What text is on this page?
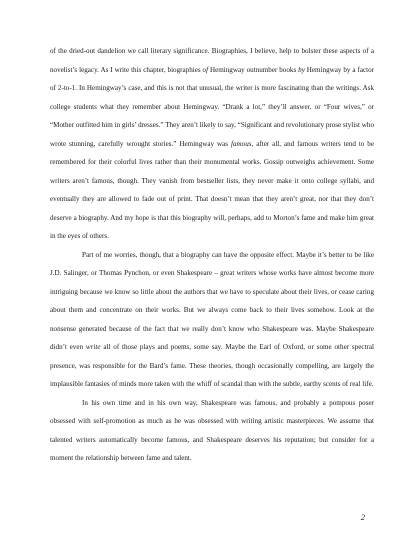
of the dried-out dandelion we call literary significance. Biographies, I believe, help to bolster these aspects of a novelist’s legacy. As I write this chapter, biographies of Hemingway outnumber books by Hemingway by a factor of 2-to-1. In Hemingway’s case, and this is not that unusual, the writer is more fascinating than the writings. Ask college students what they remember about Hemingway. “Drank a lot,” they’ll answer, or “Four wives,” or “Mother outfitted him in girls’ dresses.” They aren’t likely to say, “Significant and revolutionary prose stylist who wrote stunning, carefully wrought stories.” Hemingway was famous, after all, and famous writers tend to be remembered for their colorful lives rather than their monumental works. Gossip outweighs achievement. Some writers aren’t famous, though. They vanish from bestseller lists, they never make it onto college syllabi, and eventually they are allowed to fade out of print. That doesn’t mean that they aren’t great, nor that they don’t deserve a biography. And my hope is that this biography will, perhaps, add to Morton’s fame and make him great in the eyes of others.

Part of me worries, though, that a biography can have the opposite effect. Maybe it’s better to be like J.D. Salinger, or Thomas Pynchon, or even Shakespeare – great writers whose works have almost become more intriguing because we know so little about the authors that we have to speculate about their lives, or cease caring about them and concentrate on their works. But we always come back to their lives somehow. Look at the nonsense generated because of the fact that we really don’t know who Shakespeare was. Maybe Shakespeare didn’t even write all of those plays and poems, some say. Maybe the Earl of Oxford, or some other spectral presence, was responsible for the Bard’s fame. These theories, though occasionally compelling, are largely the implausible fantasies of minds more taken with the whiff of scandal than with the subtle, earthy scents of real life.

In his own time and in his own way, Shakespeare was famous, and probably a pompous poser obsessed with self-promotion as much as he was obsessed with writing artistic masterpieces. We assume that talented writers automatically become famous, and Shakespeare deserves his reputation; but consider for a moment the relationship between fame and talent.

2
